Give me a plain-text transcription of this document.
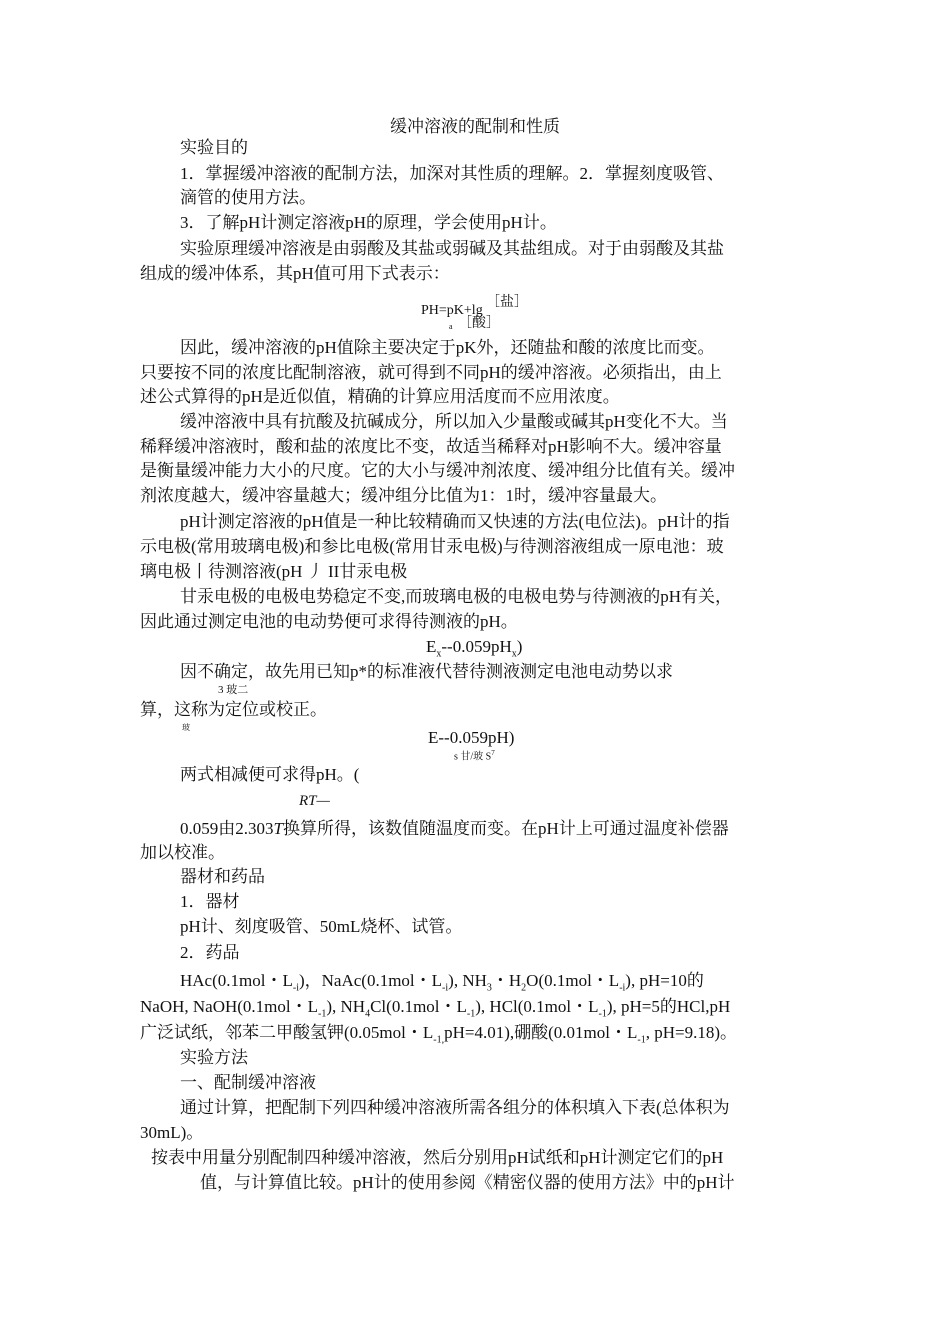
缓冲溶液的配制和性质
实验目的
1．掌握缓冲溶液的配制方法，加深对其性质的理解。2．掌握刻度吸管、
滴管的使用方法。
3．了解pH计测定溶液pH的原理，学会使用pH计。
实验原理缓冲溶液是由弱酸及其盐或弱碱及其盐组成。对于由弱酸及其盐
组成的缓冲体系，其pH值可用下式表示：
PH=pK+lg
［盐］
a ［酸］
因此，缓冲溶液的pH值除主要决定于pK外，还随盐和酸的浓度比而变。
只要按不同的浓度比配制溶液，就可得到不同pH的缓冲溶液。必须指出，由上
述公式算得的pH是近似值，精确的计算应用活度而不应用浓度。
缓冲溶液中具有抗酸及抗碱成分，所以加入少量酸或碱其pH变化不大。当
稀释缓冲溶液时，酸和盐的浓度比不变，故适当稀释对pH影响不大。缓冲容量
是衡量缓冲能力大小的尺度。它的大小与缓冲剂浓度、缓冲组分比值有关。缓冲
剂浓度越大，缓冲容量越大；缓冲组分比值为1：1时，缓冲容量最大。
pH计测定溶液的pH值是一种比较精确而又快速的方法(电位法)。pH计的指
示电极(常用玻璃电极)和参比电极(常用甘汞电极)与待测溶液组成一原电池：玻
璃电极丨待测溶液(pH 丿 II甘汞电极
甘汞电极的电极电势稳定不变,而玻璃电极的电极电势与待测液的pH有关，
因此通过测定电池的电动势便可求得待测液的pH。
$E_x--0.059pH_x$)
因不确定，故先用已知p*的标准液代替待测液测定电池电动势以求
3 玻二
算，这称为定位或校正。
玻
E--0.059pH)
s 甘/玻 $S^7$
两式相减便可求得pH。(
RT—
0.059由2.303T换算所得，该数值随温度而变。在pH计上可通过温度补偿器
加以校准。
器材和药品
1．器材
pH计、刻度吸管、50mL烧杯、试管。
2．药品
HAc(0.1mol・$L_{-i}$)，NaAc(0.1mol・$L_{-i}$), $NH_3$・$H_2O(0.1mol$・$L_{-i}$), pH=10的
NaOH, NaOH(0.1mol・$L_{-1}$), $NH_4Cl(0.1mol$・$L_{-1}$), HCl(0.1mol・$L_{-1}$), pH=5的HCl,pH
广泛试纸，邻苯二甲酸氢钾(0.05mol・$L_{-1,}pH=4.01$),硼酸(0.01mol・$L_{-1}$, pH=9.18)。
实验方法
一、配制缓冲溶液
通过计算，把配制下列四种缓冲溶液所需各组分的体积填入下表(总体积为
30mL)。
按表中用量分别配制四种缓冲溶液，然后分别用pH试纸和pH计测定它们的pH
值，与计算值比较。pH计的使用参阅《精密仪器的使用方法》中的pH计
